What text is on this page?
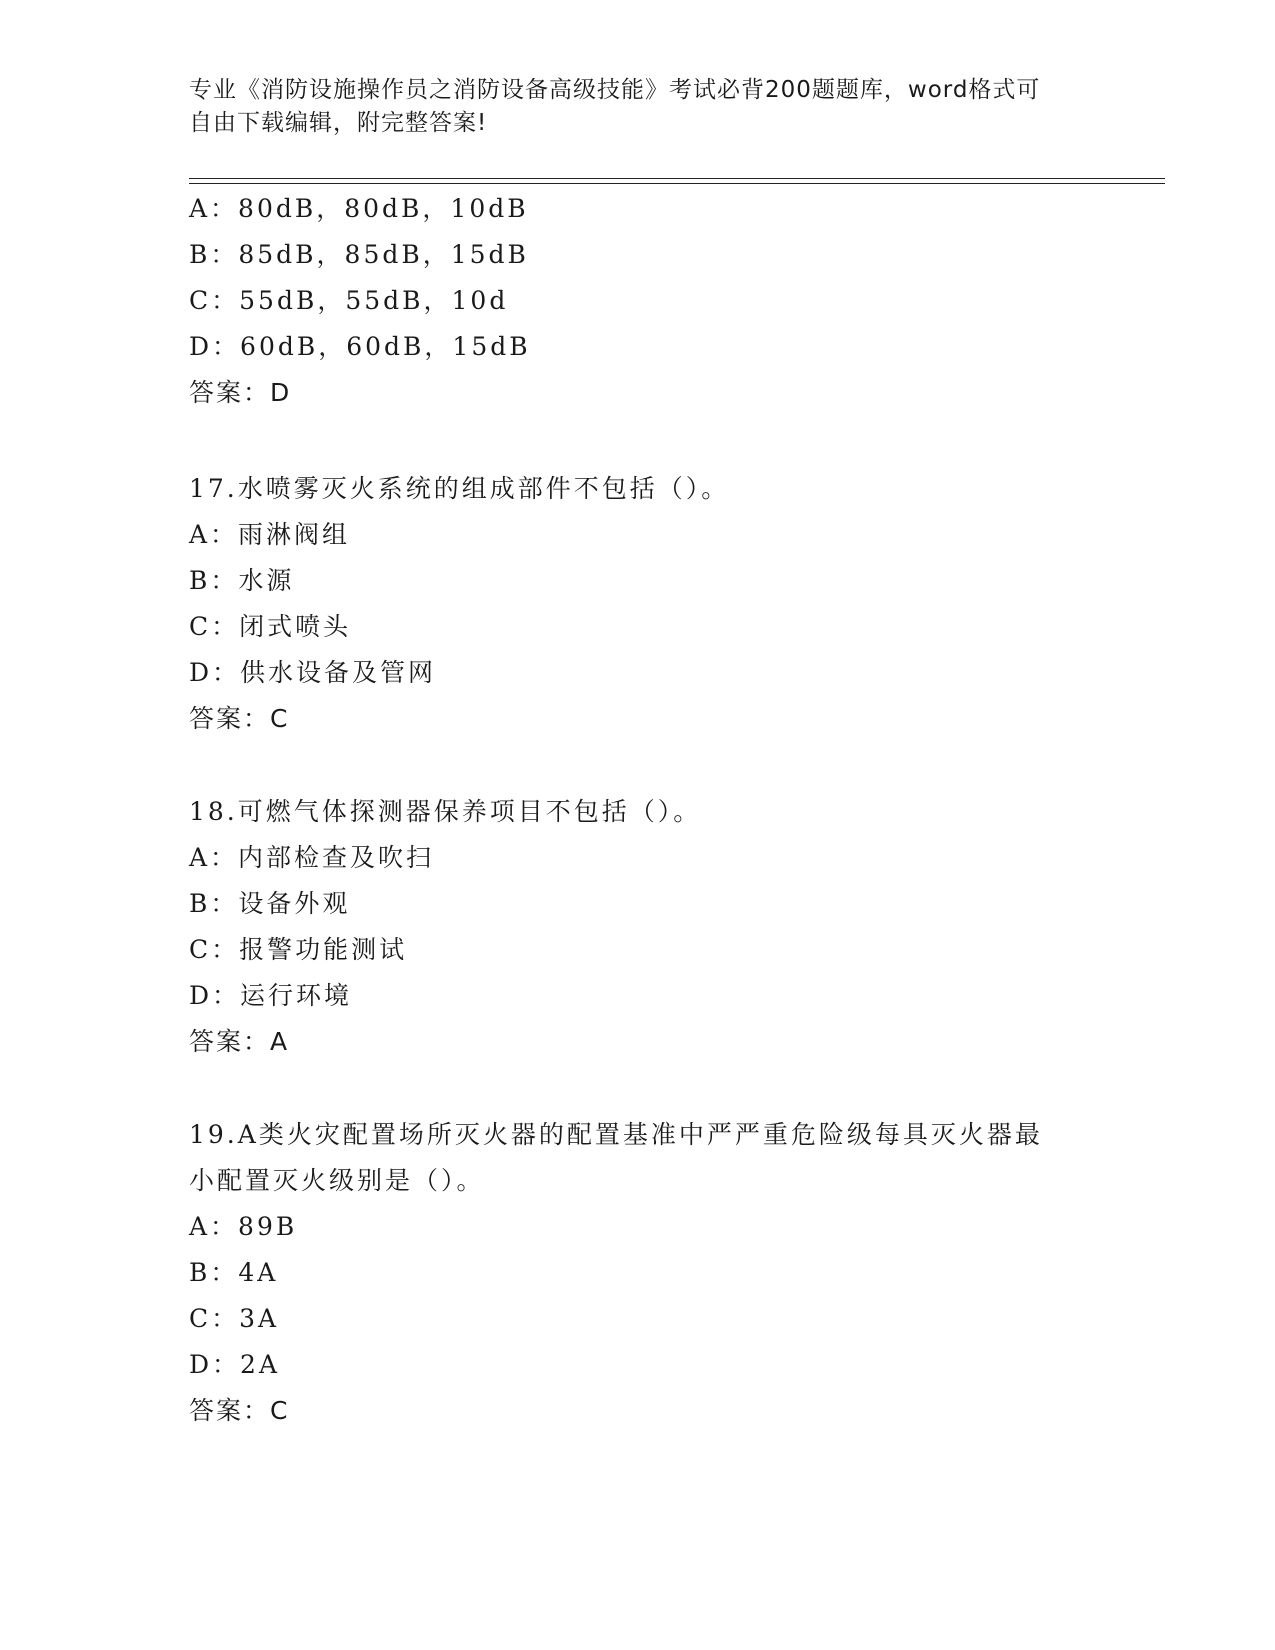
专业《消防设施操作员之消防设备高级技能》考试必背200题题库，word格式可
自由下载编辑，附完整答案!
A：80dB，80dB，10dB
B：85dB，85dB，15dB
C：55dB，55dB，10d
D：60dB，60dB，15dB
答案：D
17.水喷雾灭火系统的组成部件不包括（）。
A：雨淋阀组
B：水源
C：闭式喷头
D：供水设备及管网
答案：C
18.可燃气体探测器保养项目不包括（）。
A：内部检查及吹扫
B：设备外观
C：报警功能测试
D：运行环境
答案：A
19.A类火灾配置场所灭火器的配置基准中严严重危险级每具灭火器最
小配置灭火级别是（）。
A：89B
B：4A
C：3A
D：2A
答案：C
